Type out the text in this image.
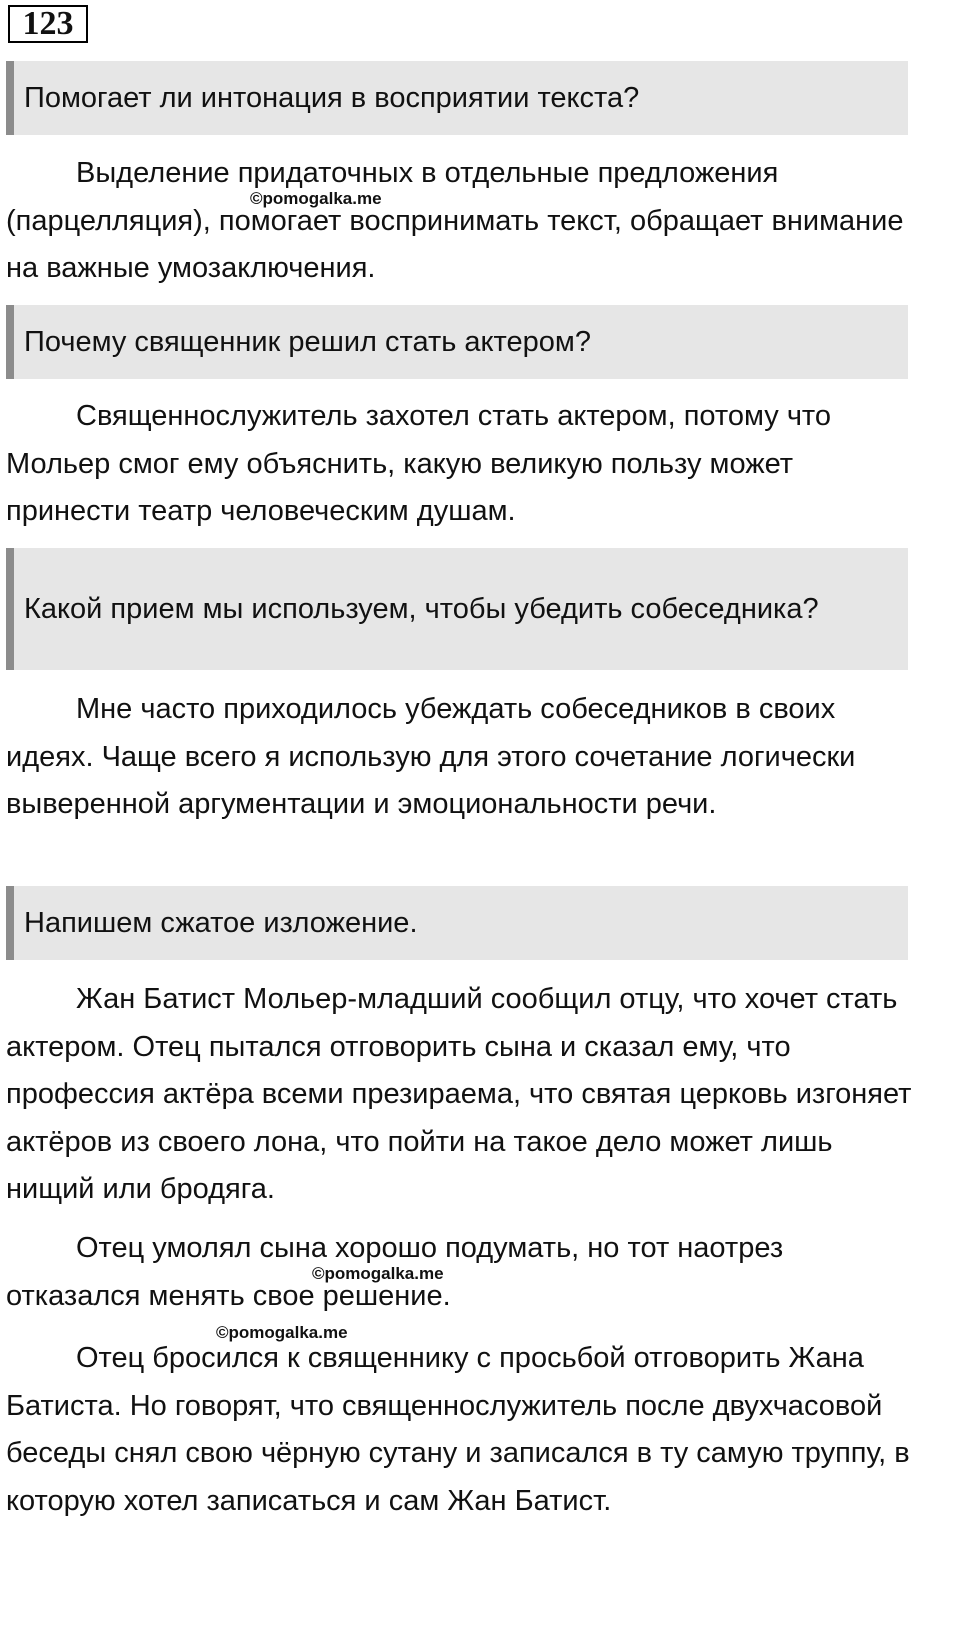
123
Помогает ли интонация в восприятии текста?

Выделение придаточных в отдельные предложения (парцелляция), помогает воспринимать текст, обращает внимание на важные умозаключения.

Почему священник решил стать актером?

Священнослужитель захотел стать актером, потому что Мольер смог ему объяснить, какую великую пользу может принести театр человеческим душам.

Какой прием мы используем, чтобы убедить собеседника?

Мне часто приходилось убеждать собеседников в своих идеях. Чаще всего я использую для этого сочетание логически выверенной аргументации и эмоциональности речи.

Напишем сжатое изложение.

Жан Батист Мольер-младший сообщил отцу, что хочет стать актером. Отец пытался отговорить сына и сказал ему, что профессия актёра всеми презираема, что святая церковь изгоняет актёров из своего лона, что пойти на такое дело может лишь нищий или бродяга.

Отец умолял сына хорошо подумать, но тот наотрез отказался менять свое решение.

Отец бросился к священнику с просьбой отговорить Жана Батиста. Но говорят, что священнослужитель после двухчасовой беседы снял свою чёрную сутану и записался в ту самую труппу, в которую хотел записаться и сам Жан Батист.

©pomogalka.me
©pomogalka.me
©pomogalka.me
